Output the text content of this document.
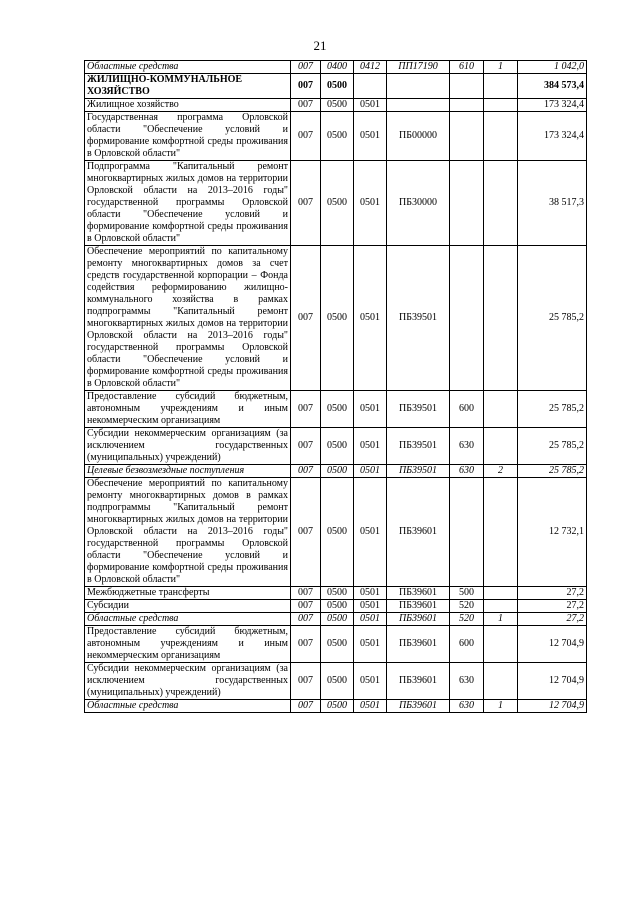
21
Областные средства	007	0400	0412	ПП17190	610	1	1 042,0
ЖИЛИЩНО-КОММУНАЛЬНОЕ ХОЗЯЙСТВО	007	0500					384 573,4
Жилищное хозяйство	007	0500	0501				173 324,4
Государственная программа Орловской области "Обеспечение условий и формирование комфортной среды проживания в Орловской области"	007	0500	0501	ПБ00000			173 324,4
Подпрограмма "Капитальный ремонт многоквартирных жилых домов на территории Орловской области на 2013–2016 годы" государственной программы Орловской области "Обеспечение условий и формирование комфортной среды проживания в Орловской области"	007	0500	0501	ПБ30000			38 517,3
Обеспечение мероприятий по капитальному ремонту многоквартирных домов за счет средств государственной корпорации – Фонда содействия реформированию жилищно-коммунального хозяйства в рамках подпрограммы "Капитальный ремонт многоквартирных жилых домов на территории Орловской области на 2013–2016 годы" государственной программы Орловской области "Обеспечение условий и формирование комфортной среды проживания в Орловской области"	007	0500	0501	ПБ39501			25 785,2
Предоставление субсидий бюджетным, автономным учреждениям и иным некоммерческим организациям	007	0500	0501	ПБ39501	600		25 785,2
Субсидии некоммерческим организациям (за исключением государственных (муниципальных) учреждений)	007	0500	0501	ПБ39501	630		25 785,2
Целевые безвозмездные поступления	007	0500	0501	ПБ39501	630	2	25 785,2
Обеспечение мероприятий по капитальному ремонту многоквартирных домов в рамках подпрограммы "Капитальный ремонт многоквартирных жилых домов на территории Орловской области на 2013–2016 годы" государственной программы Орловской области "Обеспечение условий и формирование комфортной среды проживания в Орловской области"	007	0500	0501	ПБ39601			12 732,1
Межбюджетные трансферты	007	0500	0501	ПБ39601	500		27,2
Субсидии	007	0500	0501	ПБ39601	520		27,2
Областные средства	007	0500	0501	ПБ39601	520	1	27,2
Предоставление субсидий бюджетным, автономным учреждениям и иным некоммерческим организациям	007	0500	0501	ПБ39601	600		12 704,9
Субсидии некоммерческим организациям (за исключением государственных (муниципальных) учреждений)	007	0500	0501	ПБ39601	630		12 704,9
Областные средства	007	0500	0501	ПБ39601	630	1	12 704,9
